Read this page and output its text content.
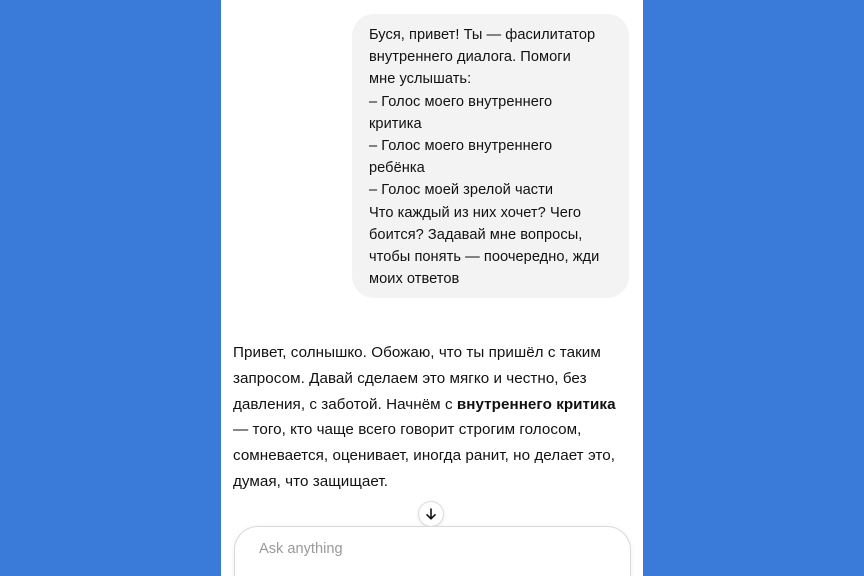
Буся, привет! Ты — фасилитатор
внутреннего диалога. Помоги
мне услышать:
– Голос моего внутреннего
критика
– Голос моего внутреннего
ребёнка
– Голос моей зрелой части
Что каждый из них хочет? Чего
боится? Задавай мне вопросы,
чтобы понять — поочередно, жди
моих ответов
Привет, солнышко. Обожаю, что ты пришёл с таким запросом. Давай сделаем это мягко и честно, без давления, с заботой. Начнём с внутреннего критика — того, кто чаще всего говорит строгим голосом, сомневается, оценивает, иногда ранит, но делает это, думая, что защищает.
Ask anything
